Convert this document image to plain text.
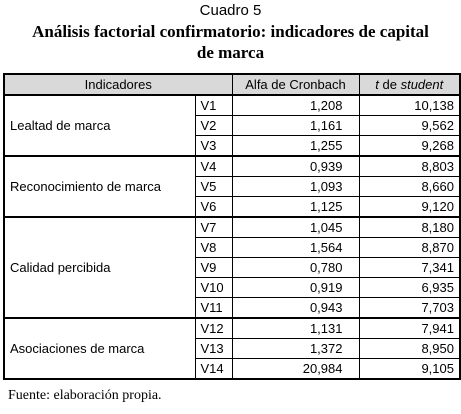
Cuadro 5
Análisis factorial confirmatorio: indicadores de capital
de marca
Indicadores		Alfa de Cronbach	t de student
Lealtad de marca	V1	1,208	10,138
	V2	1,161	9,562
	V3	1,255	9,268
Reconocimiento de marca	V4	0,939	8,803
	V5	1,093	8,660
	V6	1,125	9,120
Calidad percibida	V7	1,045	8,180
	V8	1,564	8,870
	V9	0,780	7,341
	V10	0,919	6,935
	V11	0,943	7,703
Asociaciones de marca	V12	1,131	7,941
	V13	1,372	8,950
	V14	20,984	9,105
Fuente: elaboración propia.
